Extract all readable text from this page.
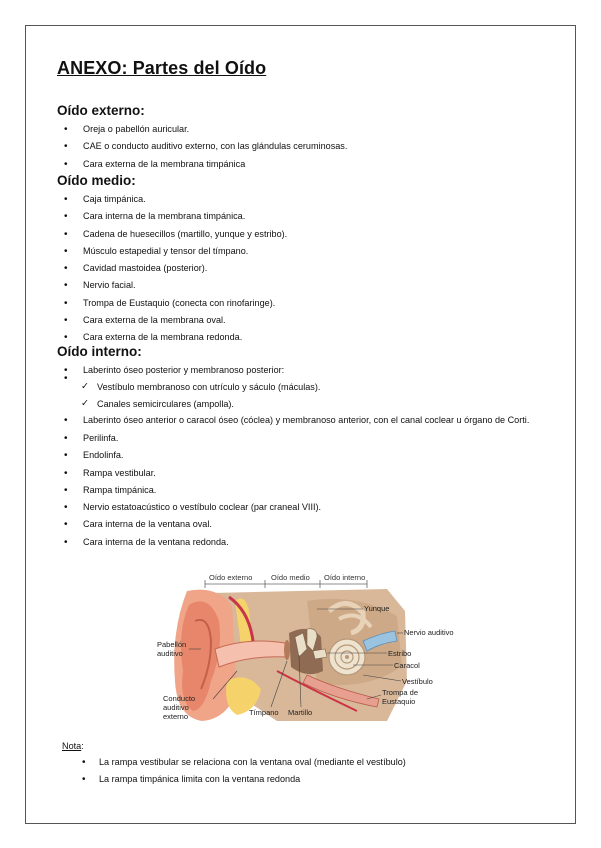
ANEXO: Partes del Oído
Oído externo:
• Oreja o pabellón auricular.
• CAE o conducto auditivo externo, con las glándulas ceruminosas.
• Cara externa de la membrana timpánica
Oído medio:
• Caja timpánica.
• Cara interna de la membrana timpánica.
• Cadena de huesecillos (martillo, yunque y estribo).
• Músculo estapedial y tensor del tímpano.
• Cavidad mastoidea (posterior).
• Nervio facial.
• Trompa de Eustaquio (conecta con rinofaringe).
• Cara externa de la membrana oval.
• Cara externa de la membrana redonda.
Oído interno:
• Laberinto óseo posterior y membranoso posterior:
✓ • Vestíbulo membranoso con utrículo y sáculo (máculas).
✓ Canales semicirculares (ampolla).
• Laberinto óseo anterior o caracol óseo (cóclea) y membranoso anterior, con el canal coclear u órgano de Corti.
• Perilinfa.
• Endolinfa.
• Rampa vestibular.
• Rampa timpánica.
• Nervio estatoacústico o vestíbulo coclear (par craneal VIII).
• Cara interna de la ventana oval.
• Cara interna de la ventana redonda.
Oído externo Oído medio Oído interno
Yunque
Nervio auditivo
Estribo
Caracol
Vestíbulo
Trompa de
Eustaquio
Pabellón
auditivo
Conducto
auditivo
externo	Tímpano Martillo
Nota:
• La rampa vestibular se relaciona con la ventana oval (mediante el vestíbulo)
• La rampa timpánica limita con la ventana redonda
